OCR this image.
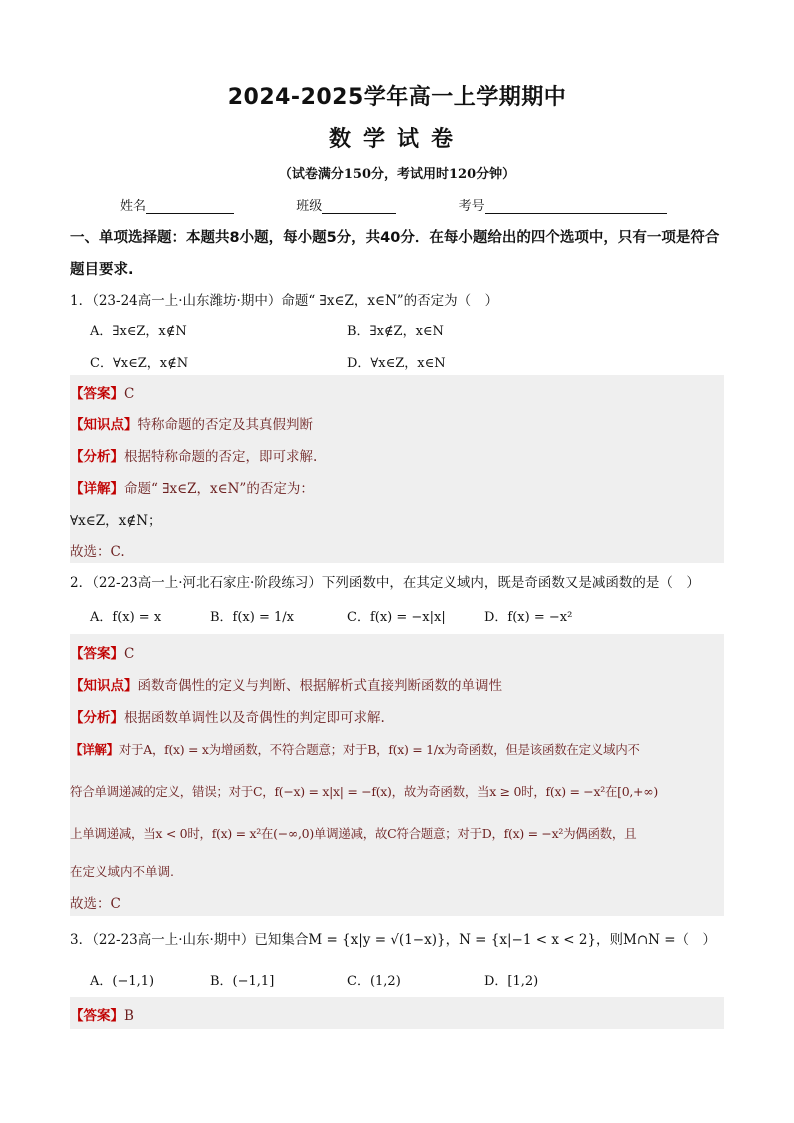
2024-2025学年高一上学期期中
数学试卷
（试卷满分150分，考试用时120分钟）
姓名	班级	考号
一、单项选择题：本题共8小题，每小题5分，共40分．在每小题给出的四个选项中，只有一项是符合题目要求.
1．（23-24高一上·山东潍坊·期中）命题“ ∃x∈Z，x∈N”的否定为（　）
A．∃x∈Z，x∉N	B．∃x∉Z，x∈N
C．∀x∈Z，x∉N	D．∀x∈Z，x∈N
【答案】C
【知识点】特称命题的否定及其真假判断
【分析】根据特称命题的否定，即可求解.
【详解】命题“ ∃x∈Z，x∈N”的否定为：
∀x∈Z，x∉N；
故选：C.
2．（22-23高一上·河北石家庄·阶段练习）下列函数中，在其定义域内，既是奇函数又是减函数的是（　）
A．f(x) = x	B．f(x) = 1/x	C．f(x) = −x|x|	D．f(x) = −x²
【答案】C
【知识点】函数奇偶性的定义与判断、根据解析式直接判断函数的单调性
【分析】根据函数单调性以及奇偶性的判定即可求解.
【详解】对于A，f(x) = x为增函数，不符合题意；对于B，f(x) = 1/x为奇函数，但是该函数在定义域内不
符合单调递减的定义，错误；对于C，f(−x) = x|x| = −f(x)，故为奇函数，当x ≥ 0时，f(x) = −x²在[0,+∞)
上单调递减，当x < 0时，f(x) = x²在(−∞,0)单调递减，故C符合题意；对于D，f(x) = −x²为偶函数，且
在定义域内不单调.
故选：C
3．（22-23高一上·山东·期中）已知集合M = {x|y = √(1−x)}，N = {x|−1 < x < 2}，则M∩N =（　）
A．(−1,1)	B．(−1,1]	C．(1,2)	D．[1,2)
【答案】B
